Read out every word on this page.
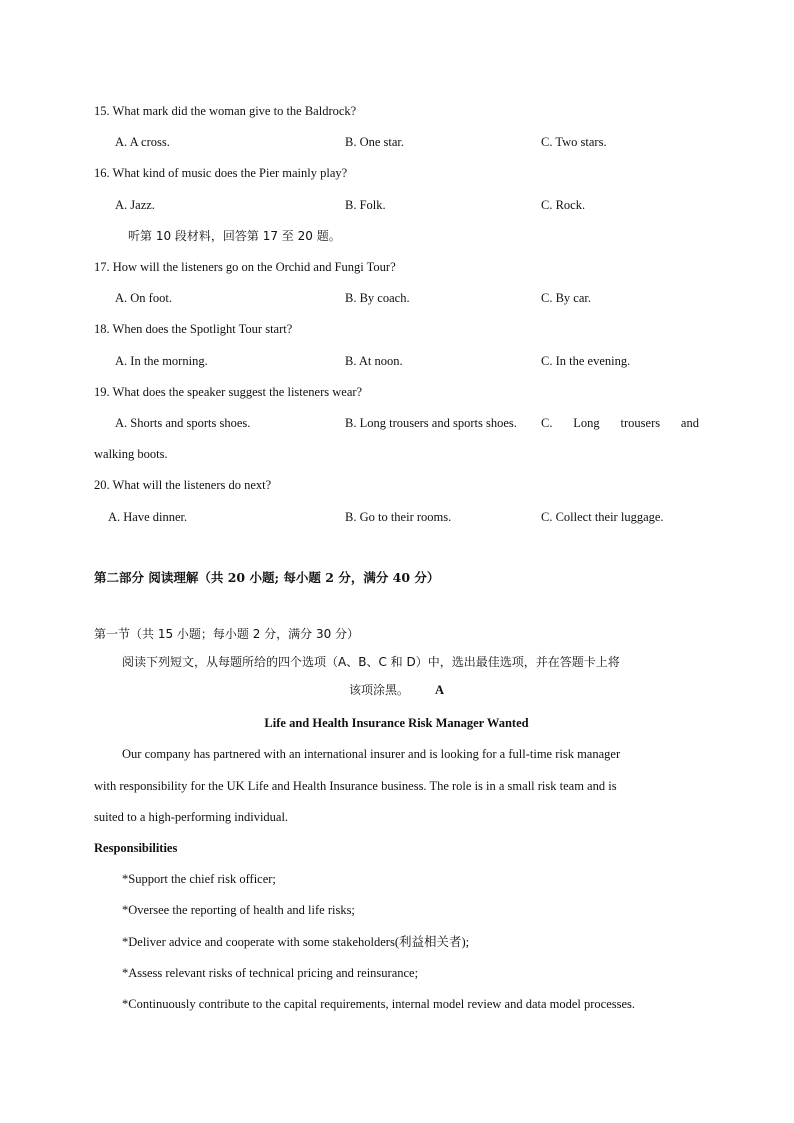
15. What mark did the woman give to the Baldrock?
A. A cross.	B. One star.	C. Two stars.
16. What kind of music does the Pier mainly play?
A. Jazz.	B. Folk.	C. Rock.
听第 10 段材料，回答第 17 至 20 题。
17. How will the listeners go on the Orchid and Fungi Tour?
A. On foot.	B. By coach.	C. By car.
18. When does the Spotlight Tour start?
A. In the morning.	B. At noon.	C. In the evening.
19. What does the speaker suggest the listeners wear?
A. Shorts and sports shoes.	B. Long trousers and sports shoes. C. Long trousers and
walking boots.
20. What will the listeners do next?
A. Have dinner.	B. Go to their rooms.	C. Collect their luggage.
第二部分 阅读理解（共 20 小题; 每小题 2 分，满分 40 分）
第一节（共 15 小题；每小题 2 分，满分 30 分）
阅读下列短文，从每题所给的四个选项（A、B、C 和 D）中，选出最佳选项，并在答题卡上将
该项涂黑。 A
Life and Health Insurance Risk Manager Wanted
Our company has partnered with an international insurer and is looking for a full-time risk manager
with responsibility for the UK Life and Health Insurance business. The role is in a small risk team and is
suited to a high-performing individual.
Responsibilities
*Support the chief risk officer;
*Oversee the reporting of health and life risks;
*Deliver advice and cooperate with some stakeholders(利益相关者);
*Assess relevant risks of technical pricing and reinsurance;
*Continuously contribute to the capital requirements, internal model review and data model processes.
